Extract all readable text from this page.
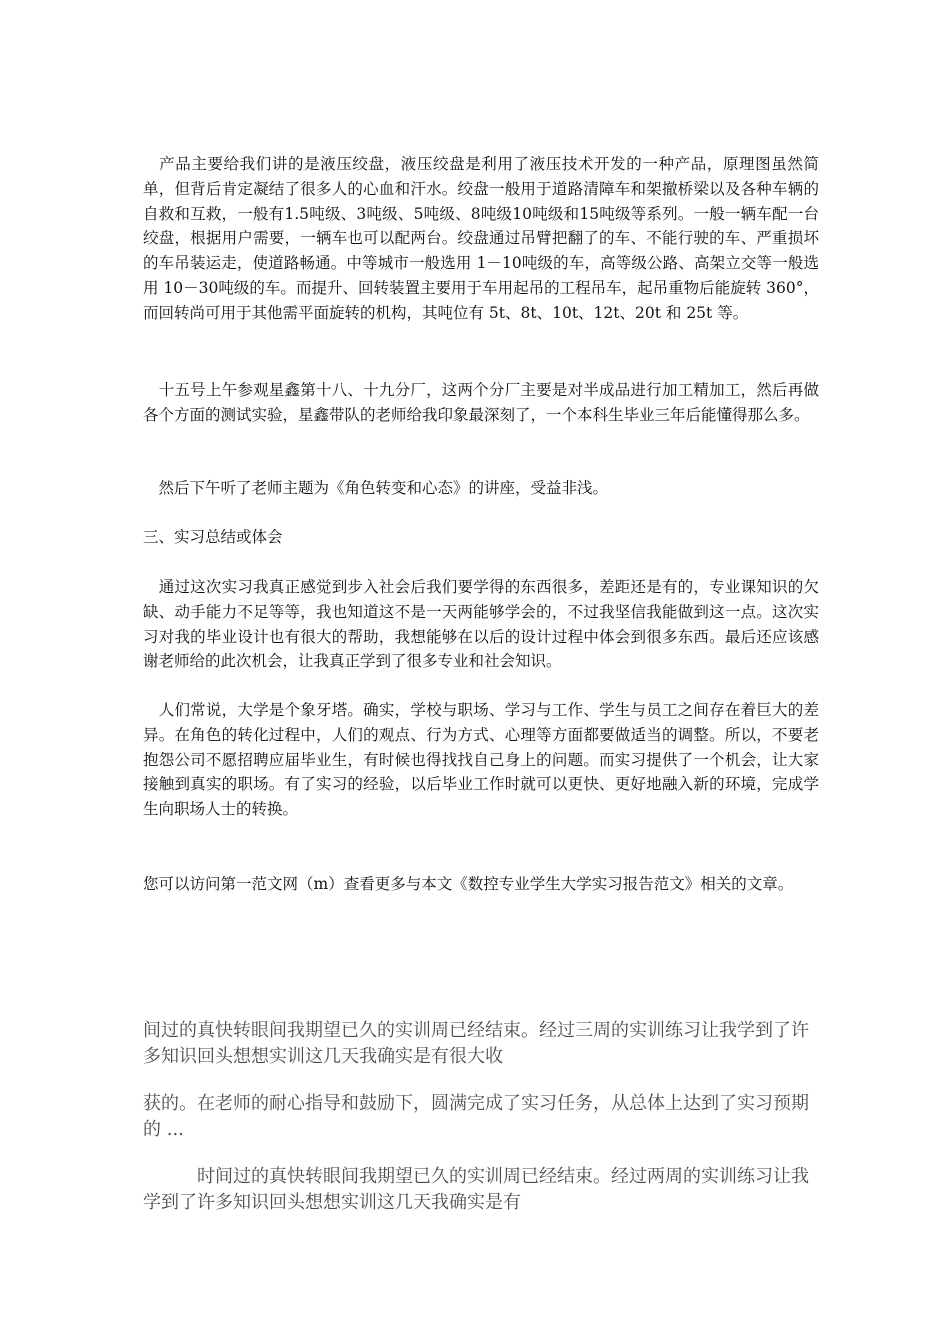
　产品主要给我们讲的是液压绞盘，液压绞盘是利用了液压技术开发的一种产品，原理图虽然简单，但背后肯定凝结了很多人的心血和汗水。绞盘一般用于道路清障车和架撤桥梁以及各种车辆的自救和互救，一般有1.5吨级、3吨级、5吨级、8吨级10吨级和15吨级等系列。一般一辆车配一台绞盘，根据用户需要，一辆车也可以配两台。绞盘通过吊臂把翻了的车、不能行驶的车、严重损坏的车吊装运走，使道路畅通。中等城市一般选用 1－10吨级的车，高等级公路、高架立交等一般选用 10－30吨级的车。而提升、回转装置主要用于车用起吊的工程吊车，起吊重物后能旋转 360°，而回转尚可用于其他需平面旋转的机构，其吨位有 5t、8t、10t、12t、20t 和 25t 等。

　十五号上午参观星鑫第十八、十九分厂，这两个分厂主要是对半成品进行加工精加工，然后再做各个方面的测试实验，星鑫带队的老师给我印象最深刻了，一个本科生毕业三年后能懂得那么多。

　然后下午听了老师主题为《角色转变和心态》的讲座，受益非浅。

三、实习总结或体会

　通过这次实习我真正感觉到步入社会后我们要学得的东西很多，差距还是有的，专业课知识的欠缺、动手能力不足等等，我也知道这不是一天两能够学会的，不过我坚信我能做到这一点。这次实习对我的毕业设计也有很大的帮助，我想能够在以后的设计过程中体会到很多东西。最后还应该感谢老师给的此次机会，让我真正学到了很多专业和社会知识。

　人们常说，大学是个象牙塔。确实，学校与职场、学习与工作、学生与员工之间存在着巨大的差异。在角色的转化过程中，人们的观点、行为方式、心理等方面都要做适当的调整。所以，不要老抱怨公司不愿招聘应届毕业生，有时候也得找找自己身上的问题。而实习提供了一个机会，让大家接触到真实的职场。有了实习的经验，以后毕业工作时就可以更快、更好地融入新的环境，完成学生向职场人士的转换。

您可以访问第一范文网（m）查看更多与本文《数控专业学生大学实习报告范文》相关的文章。

间过的真快转眼间我期望已久的实训周已经结束。经过三周的实训练习让我学到了许多知识回头想想实训这几天我确实是有很大收

获的。在老师的耐心指导和鼓励下，圆满完成了实习任务，从总体上达到了实习预期的 ...

　　　时间过的真快转眼间我期望已久的实训周已经结束。经过两周的实训练习让我学到了许多知识回头想想实训这几天我确实是有
